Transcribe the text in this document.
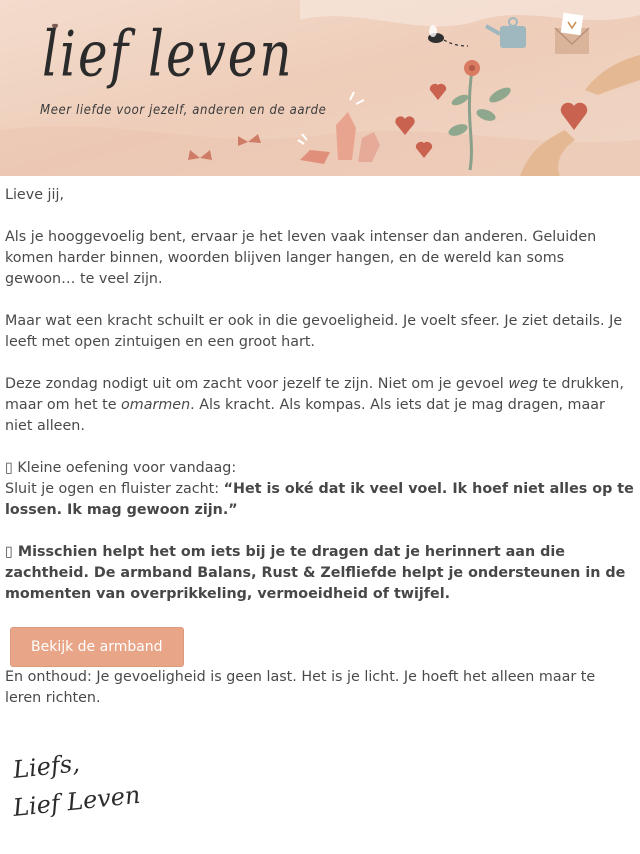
lief leven
Meer liefde voor jezelf, anderen en de aarde

Lieve jij,

Als je hooggevoelig bent, ervaar je het leven vaak intenser dan anderen. Geluiden komen harder binnen, woorden blijven langer hangen, en de wereld kan soms gewoon… te veel zijn.

Maar wat een kracht schuilt er ook in die gevoeligheid. Je voelt sfeer. Je ziet details. Je leeft met open zintuigen en een groot hart.

Deze zondag nodigt uit om zacht voor jezelf te zijn. Niet om je gevoel weg te drukken, maar om het te omarmen. Als kracht. Als kompas. Als iets dat je mag dragen, maar niet alleen.

▯ Kleine oefening voor vandaag:
Sluit je ogen en fluister zacht: “Het is oké dat ik veel voel. Ik hoef niet alles op te lossen. Ik mag gewoon zijn.”

▯ Misschien helpt het om iets bij je te dragen dat je herinnert aan die zachtheid. De armband Balans, Rust & Zelfliefde helpt je ondersteunen in de momenten van overprikkeling, vermoeidheid of twijfel.

Bekijk de armband

En onthoud: Je gevoeligheid is geen last. Het is je licht. Je hoeft het alleen maar te leren richten.

Liefs,
Lief Leven
